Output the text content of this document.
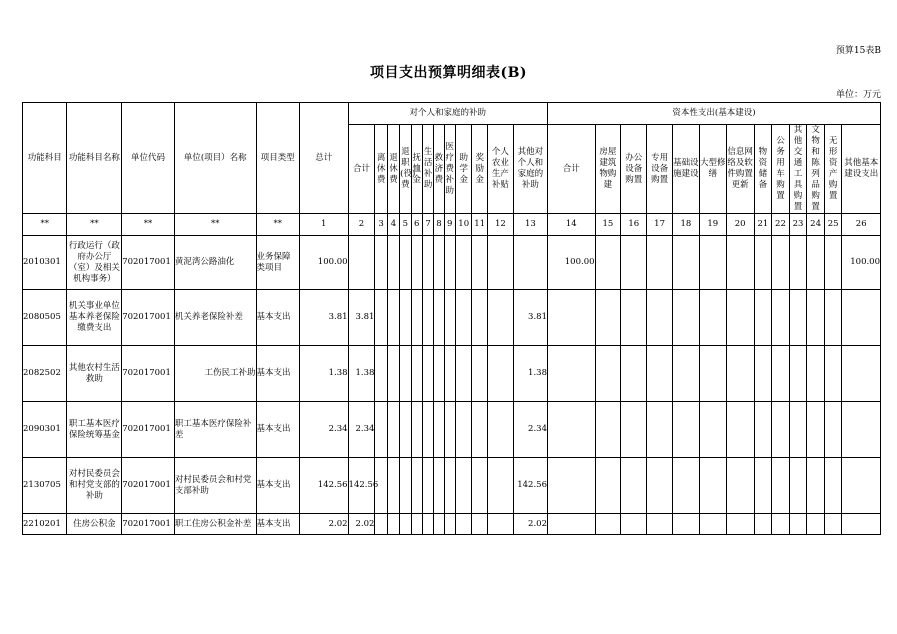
预算15表B
项目支出预算明细表(B)
单位：万元
功能科目	功能科目名称	单位代码	单位(项目）名称	项目类型	总计	对个人和家庭的补助												资本性支出(基本建设)												
						合计	离休费	退休费	退职(役)费	抚恤金	生活补助	救济费	医疗费补助	助学金	奖励金	个人农业生产补贴	其他对个人和家庭的补助	合计	房屋建筑物购建	办公设备购置	专用设备购置	基础设施建设	大型修缮	信息网络及软件购置更新	物资储备	公务用车购置	其他交通工具购置	文物和陈列品购置	无形资产购置	其他基本建设支出
**	**	**	**	**	1	2	3	4	5	6	7	8	9	10	11	12	13	14	15	16	17	18	19	20	21	22	23	24	25	26
2010301	行政运行（政府办公厅（室）及相关机构事务）	702017001	黄泥湾公路油化	业务保障类项目	100.00													100.00												100.00
2080505	机关事业单位基本养老保险缴费支出	702017001	机关养老保险补差	基本支出	3.81	3.81											3.81													
2082502	其他农村生活救助	702017001	工伤民工补助	基本支出	1.38	1.38											1.38													
2090301	职工基本医疗保险统筹基金	702017001	职工基本医疗保险补差	基本支出	2.34	2.34											2.34													
2130705	对村民委员会和村党支部的补助	702017001	对村民委员会和村党支部补助	基本支出	142.56	142.56											142.56													
2210201	住房公积金	702017001	职工住房公积金补差	基本支出	2.02	2.02											2.02													
